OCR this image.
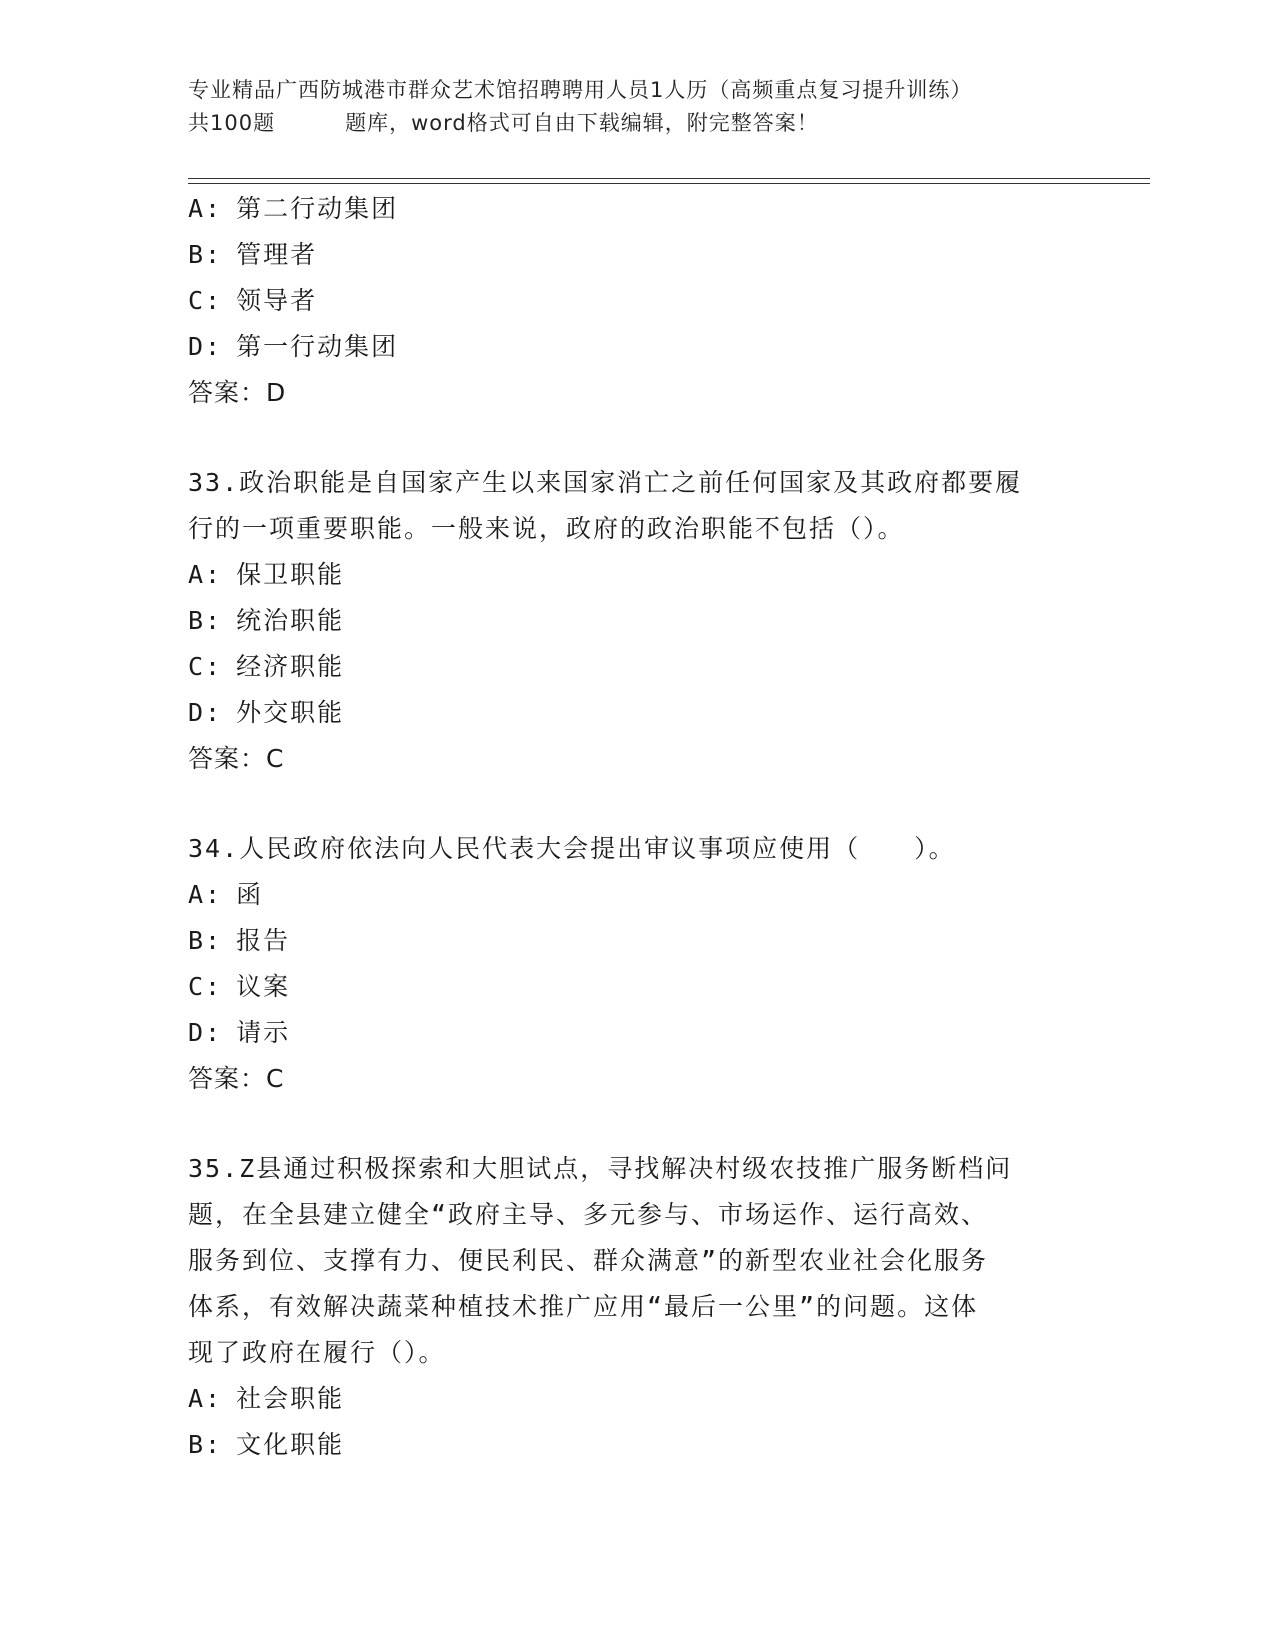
专业精品广西防城港市群众艺术馆招聘聘用人员1人历（高频重点复习提升训练）
共100题	题库，word格式可自由下载编辑，附完整答案！
A: 第二行动集团
B: 管理者
C: 领导者
D: 第一行动集团
答案：D
33.政治职能是自国家产生以来国家消亡之前任何国家及其政府都要履
行的一项重要职能。一般来说，政府的政治职能不包括（）。
A: 保卫职能
B: 统治职能
C: 经济职能
D: 外交职能
答案：C
34.人民政府依法向人民代表大会提出审议事项应使用（　　）。
A: 函
B: 报告
C: 议案
D: 请示
答案：C
35.Z县通过积极探索和大胆试点，寻找解决村级农技推广服务断档问
题，在全县建立健全“政府主导、多元参与、市场运作、运行高效、
服务到位、支撑有力、便民利民、群众满意”的新型农业社会化服务
体系，有效解决蔬菜种植技术推广应用“最后一公里”的问题。这体
现了政府在履行（）。
A: 社会职能
B: 文化职能
